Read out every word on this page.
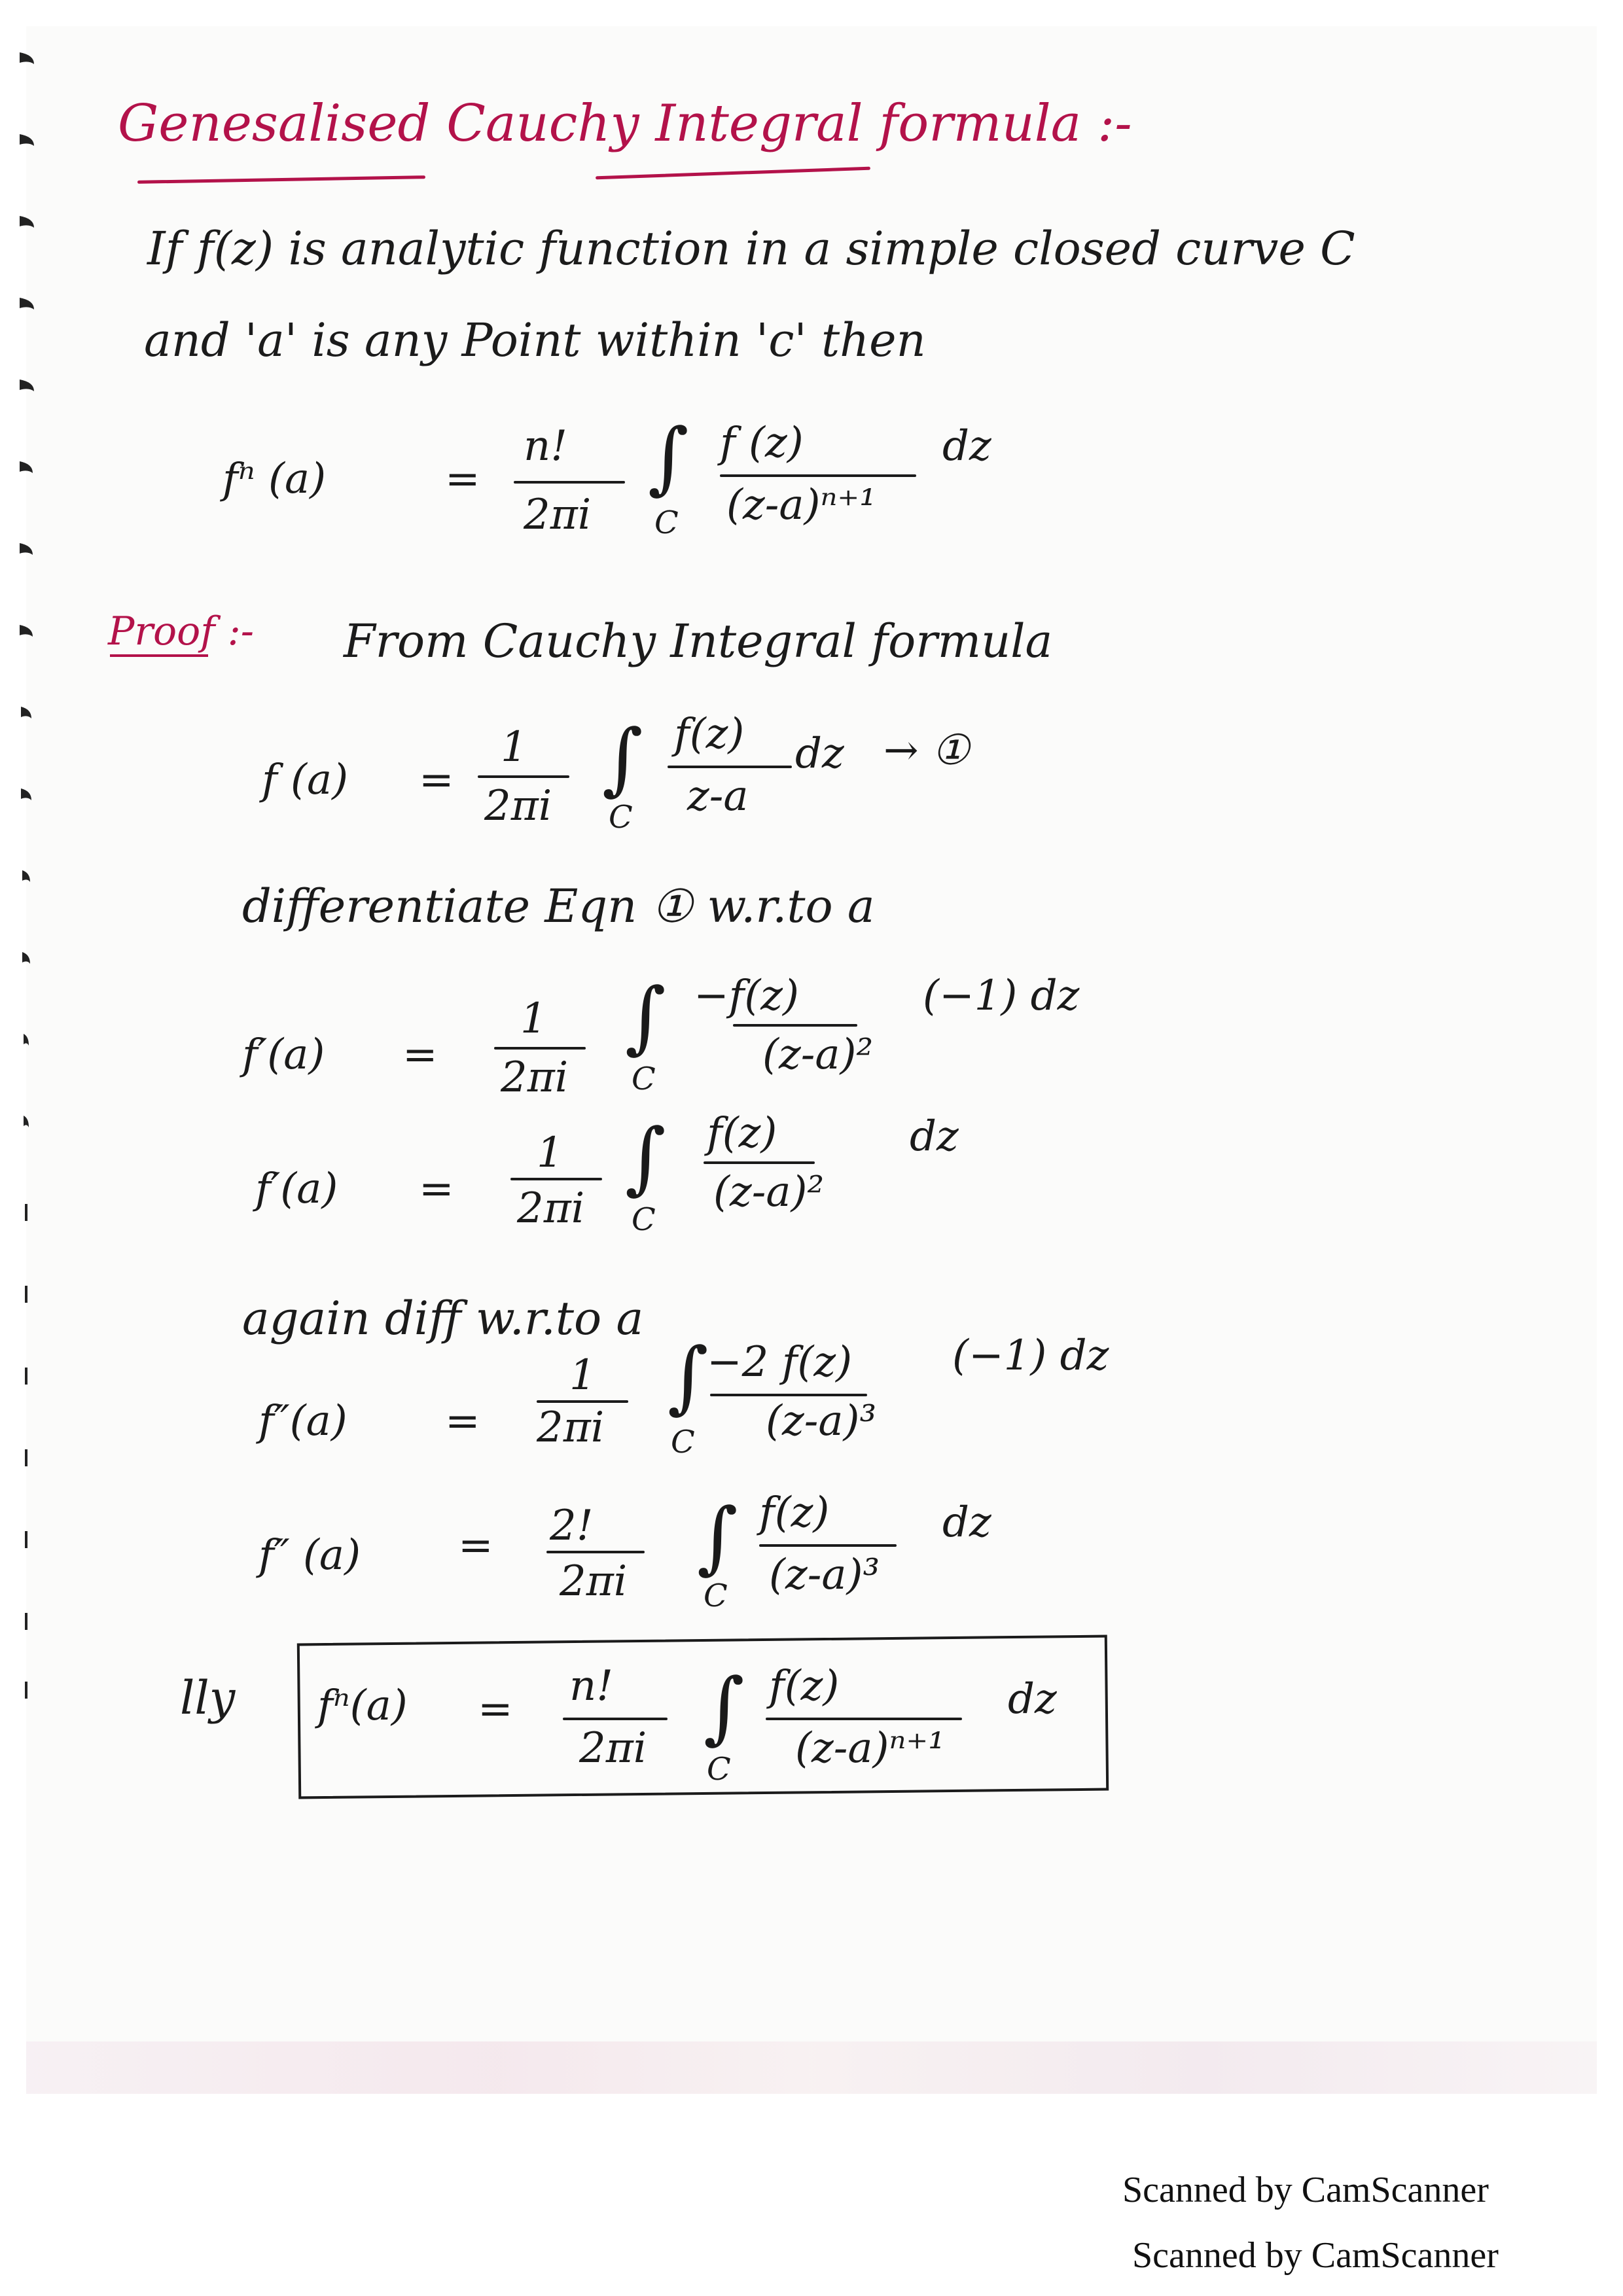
Genesalised Cauchy Integral formula :-
If f(z) is analytic function in a simple closed curve C
and 'a' is any Point within 'c' then
fⁿ (a)	=
n!
2πi
∫
C
f (z)
(z-a)ⁿ⁺¹
dz
Proof :- From Cauchy Integral formula
f (a) =
1
2πi
∫
C
f(z)
z-a
dz → ①
differentiate Eqn ① w.r.to a
f′(a) =
1
2πi
∫
C
−f(z)
(z-a)²
(−1) dz
f′(a) =
1
2πi
∫
C
f(z)
(z-a)²
dz
again diff w.r.to a
f″(a) =
1
2πi
∫
C
−2 f(z)
(z-a)³
(−1) dz
f″ (a) = 2!
2πi ∫
C
f(z)
(z-a)³
dz
lly fⁿ(a) = n!
2πi ∫
C
f(z)
(z-a)ⁿ⁺¹
dz
Scanned by CamScanner
Scanned by CamScanner
